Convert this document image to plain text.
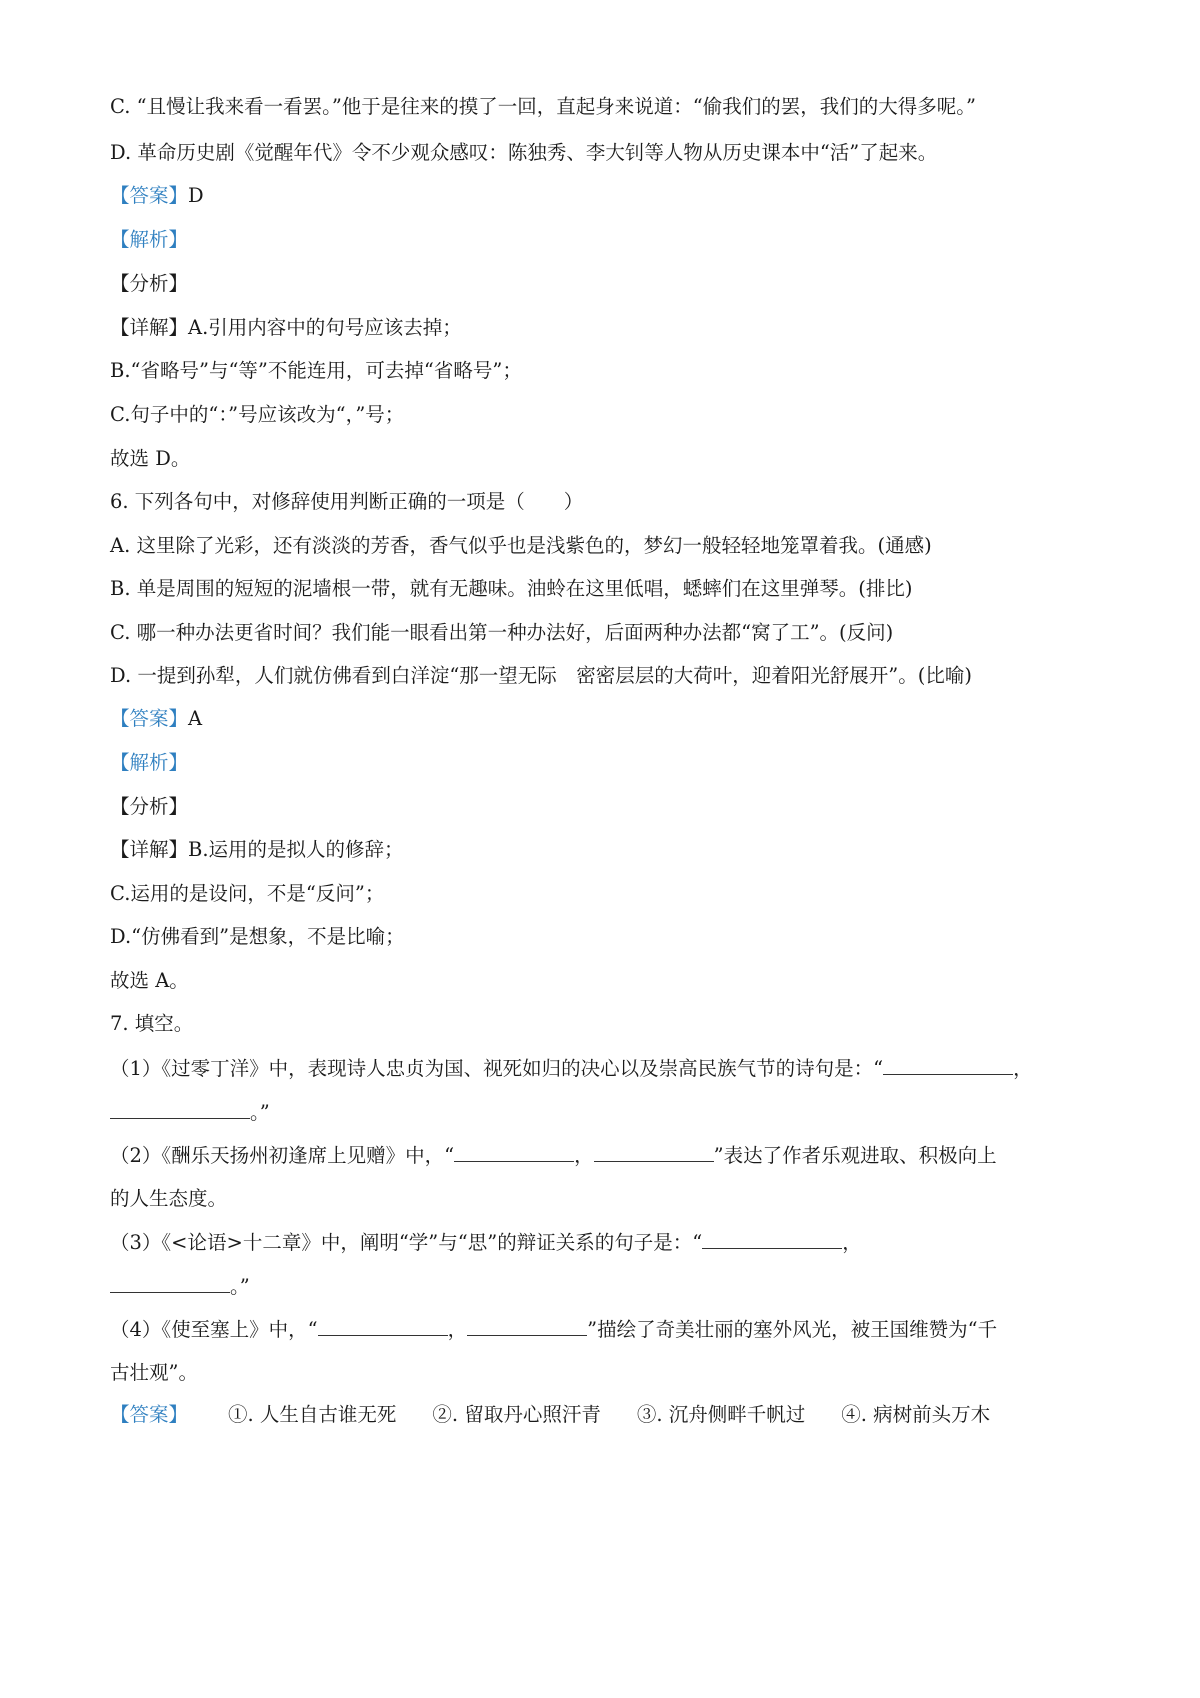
C. “且慢让我来看一看罢。”他于是往来的摸了一回，直起身来说道：“偷我们的罢，我们的大得多呢。”
D. 革命历史剧《觉醒年代》令不少观众感叹：陈独秀、李大钊等人物从历史课本中“活”了起来。
【答案】D
【解析】
【分析】
【详解】A.引用内容中的句号应该去掉；
B.“省略号”与“等”不能连用，可去掉“省略号”；
C.句子中的“：”号应该改为“，”号；
故选 D。
6. 下列各句中，对修辞使用判断正确的一项是（　　）
A. 这里除了光彩，还有淡淡的芳香，香气似乎也是浅紫色的，梦幻一般轻轻地笼罩着我。(通感)
B. 单是周围的短短的泥墙根一带，就有无趣味。油蛉在这里低唱，蟋蟀们在这里弹琴。(排比)
C. 哪一种办法更省时间？我们能一眼看出第一种办法好，后面两种办法都“窝了工”。(反问)
D. 一提到孙犁，人们就仿佛看到白洋淀“那一望无际　密密层层的大荷叶，迎着阳光舒展开”。(比喻)
【答案】A
【解析】
【分析】
【详解】B.运用的是拟人的修辞；
C.运用的是设问，不是“反问”；
D.“仿佛看到”是想象，不是比喻；
故选 A。
7. 填空。
（1）《过零丁洋》中，表现诗人忠贞为国、视死如归的决心以及崇高民族气节的诗句是：“	，
。”
（2）《酬乐天扬州初逢席上见赠》中，“	，	”表达了作者乐观进取、积极向上
的人生态度。
（3）《<论语>十二章》中，阐明“学”与“思”的辩证关系的句子是：“	，
。”
（4）《使至塞上》中，“	，	”描绘了奇美壮丽的塞外风光，被王国维赞为“千
古壮观”。
【答案】 ①. 人生自古谁无死 ②. 留取丹心照汗青 ③. 沉舟侧畔千帆过 ④. 病树前头万木
